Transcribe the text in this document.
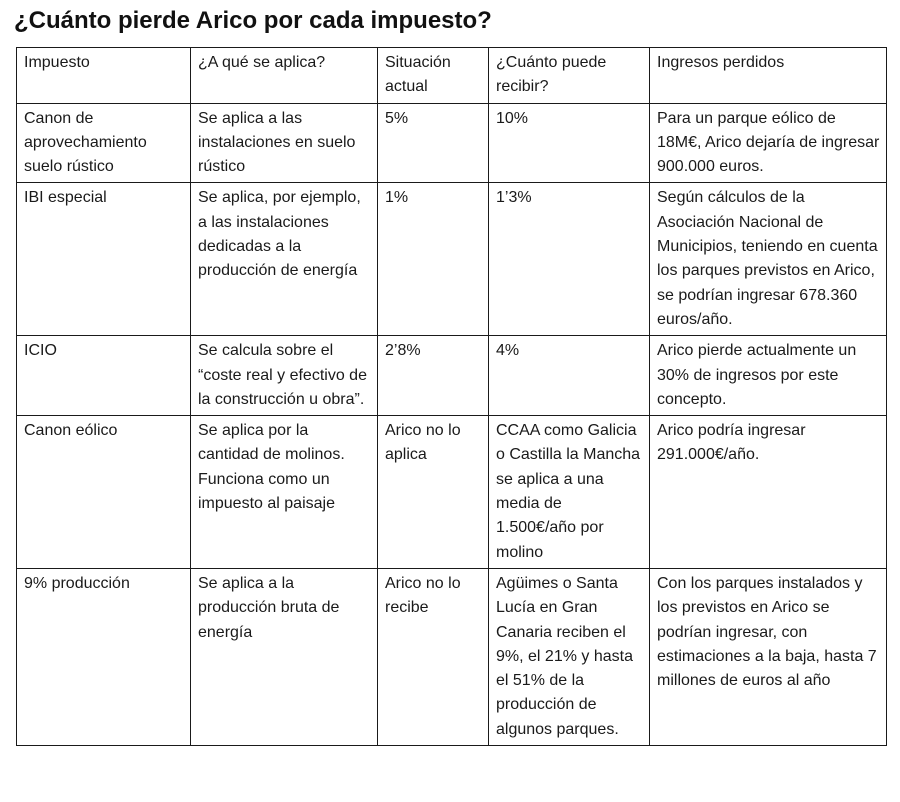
¿Cuánto pierde Arico por cada impuesto?
Impuesto	¿A qué se aplica?	Situación actual	¿Cuánto puede recibir?	Ingresos perdidos
Canon de aprovechamiento suelo rústico	Se aplica a las instalaciones en suelo rústico	5%	10%	Para un parque eólico de 18M€, Arico dejaría de ingresar 900.000 euros.
IBI especial	Se aplica, por ejemplo, a las instalaciones dedicadas a la producción de energía	1%	1’3%	Según cálculos de la Asociación Nacional de Municipios, teniendo en cuenta los parques previstos en Arico, se podrían ingresar 678.360 euros/año.
ICIO	Se calcula sobre el “coste real y efectivo de la construcción u obra”.	2’8%	4%	Arico pierde actualmente un 30% de ingresos por este concepto.
Canon eólico	Se aplica por la cantidad de molinos. Funciona como un impuesto al paisaje	Arico no lo aplica	CCAA como Galicia o Castilla la Mancha se aplica a una media de 1.500€/año por molino	Arico podría ingresar 291.000€/año.
9% producción	Se aplica a la producción bruta de energía	Arico no lo recibe	Agüimes o Santa Lucía en Gran Canaria reciben el 9%, el 21% y hasta el 51% de la producción de algunos parques.	Con los parques instalados y los previstos en Arico se podrían ingresar, con estimaciones a la baja, hasta 7 millones de euros al año
